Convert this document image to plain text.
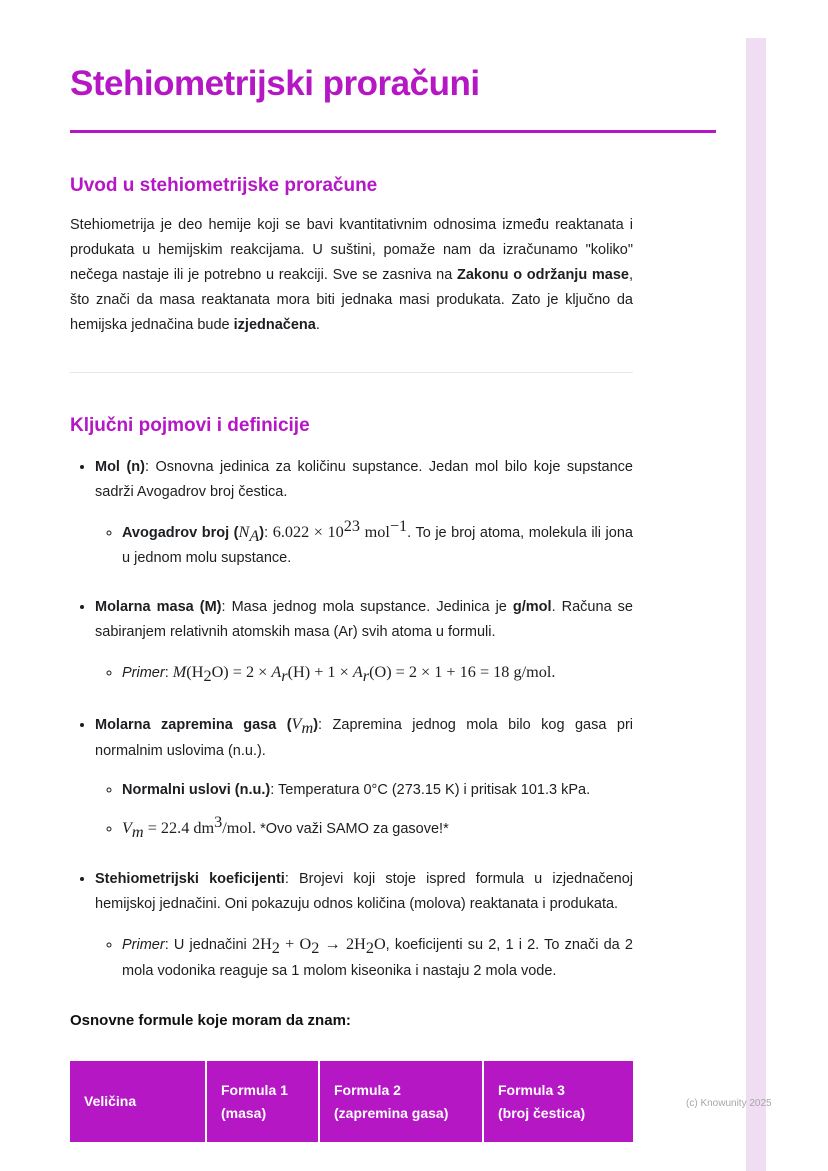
Stehiometrijski proračuni
Uvod u stehiometrijske proračune

Stehiometrija je deo hemije koji se bavi kvantitativnim odnosima između reaktanata i produkata u hemijskim reakcijama. U suštini, pomaže nam da izračunamo "koliko" nečega nastaje ili je potrebno u reakciji. Sve se zasniva na Zakonu o održanju mase, što znači da masa reaktanata mora biti jednaka masi produkata. Zato je ključno da hemijska jednačina bude izjednačena.

Ključni pojmovi i definicije
• Mol (n): Osnovna jedinica za količinu supstance. Jedan mol bilo koje supstance sadrži Avogadrov broj čestica.
◦ Avogadrov broj $(N_A)$: $6.022 \times 10^{23}$ mol$^{-1}$. To je broj atoma, molekula ili jona u jednom molu supstance.
• Molarna masa (M): Masa jednog mola supstance. Jedinica je g/mol. Računa se sabiranjem relativnih atomskih masa (Ar) svih atoma u formuli.
◦ Primer: $M(H_2O) = 2 \times A_r(H) + 1 \times A_r(O) = 2 \times 1 + 16 = 18$ g/mol.
• Molarna zapremina gasa $(V_m)$: Zapremina jednog mola bilo kog gasa pri normalnim uslovima (n.u.).
◦ Normalni uslovi (n.u.): Temperatura 0°C (273.15 K) i pritisak 101.3 kPa.
◦ $V_m = 22.4$ $dm^3$/mol. *Ovo važi SAMO za gasove!*
• Stehiometrijski koeficijenti: Brojevi koji stoje ispred formula u izjednačenoj hemijskoj jednačini. Oni pokazuju odnos količina (molova) reaktanata i produkata.
◦ Primer: U jednačini $2H_2 + O_2 \to 2H_2O$, koeficijenti su 2, 1 i 2. To znači da 2 mola vodonika reaguje sa 1 molom kiseonika i nastaju 2 mola vode.

Osnovne formule koje moram da znam:

Veličina
Formula 1
(masa)
Formula 2
(zapremina gasa)
Formula 3
(broj čestica)
(c) Knowunity 2025
